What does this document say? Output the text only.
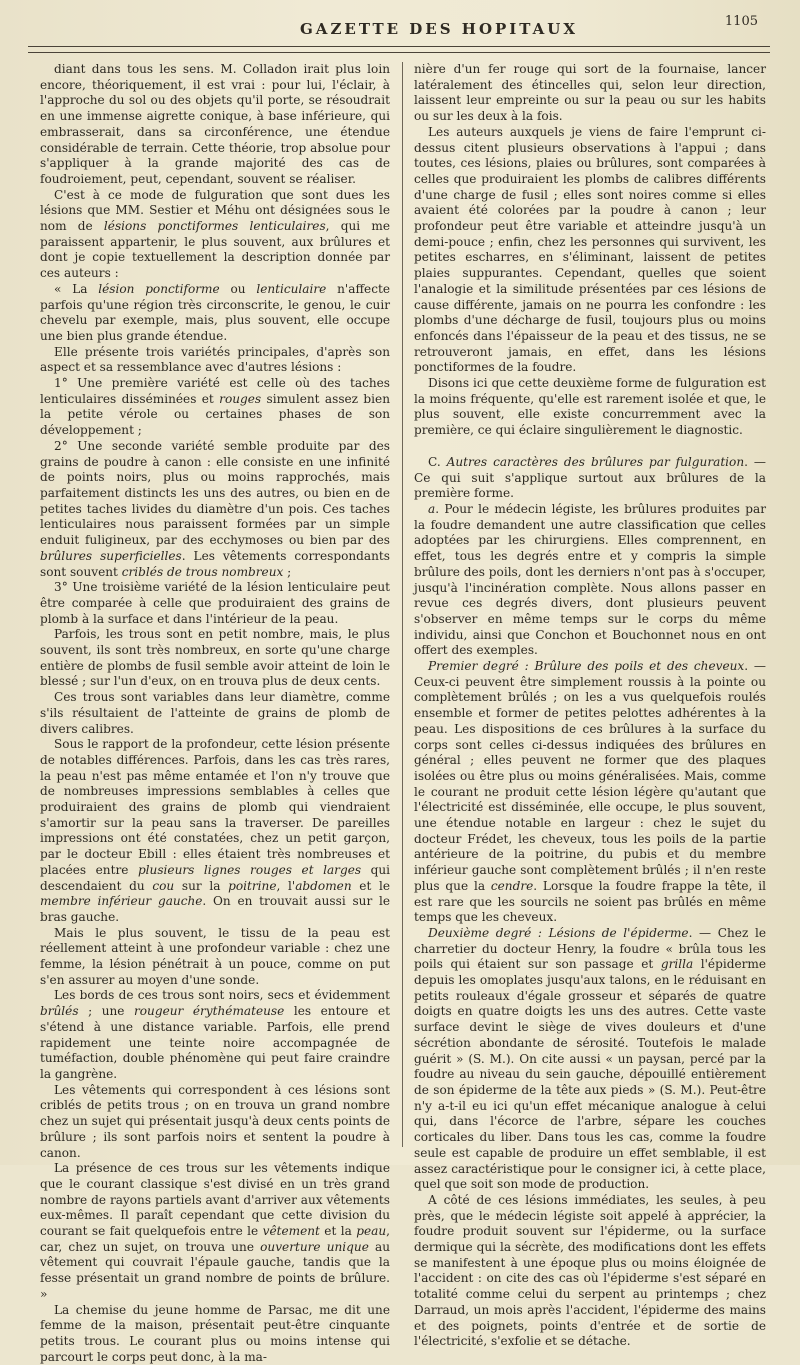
GAZETTE DES HOPITAUX	1105

diant dans tous les sens. M. Colladon irait plus loin encore, théoriquement, il est vrai : pour lui, l'éclair, à l'approche du sol ou des objets qu'il porte, se résoudrait en une immense aigrette conique, à base inférieure, qui embrasserait, dans sa circonférence, une étendue considérable de terrain. Cette théorie, trop absolue pour s'appliquer à la grande majorité des cas de foudroiement, peut, cependant, souvent se réaliser.

C'est à ce mode de fulguration que sont dues les lésions que MM. Sestier et Méhu ont désignées sous le nom de lésions ponctiformes lenticulaires, qui me paraissent appartenir, le plus souvent, aux brûlures et dont je copie textuellement la description donnée par ces auteurs :

« La lésion ponctiforme ou lenticulaire n'affecte parfois qu'une région très circonscrite, le genou, le cuir chevelu par exemple, mais, plus souvent, elle occupe une bien plus grande étendue.

Elle présente trois variétés principales, d'après son aspect et sa ressemblance avec d'autres lésions :

1° Une première variété est celle où des taches lenticulaires disséminées et rouges simulent assez bien la petite vérole ou certaines phases de son développement ;

2° Une seconde variété semble produite par des grains de poudre à canon : elle consiste en une infinité de points noirs, plus ou moins rapprochés, mais parfaitement distincts les uns des autres, ou bien en de petites taches livides du diamètre d'un pois. Ces taches lenticulaires nous paraissent formées par un simple enduit fuligineux, par des ecchymoses ou bien par des brûlures superficielles. Les vêtements correspondants sont souvent criblés de trous nombreux ;

3° Une troisième variété de la lésion lenticulaire peut être comparée à celle que produiraient des grains de plomb à la surface et dans l'intérieur de la peau.

Parfois, les trous sont en petit nombre, mais, le plus souvent, ils sont très nombreux, en sorte qu'une charge entière de plombs de fusil semble avoir atteint de loin le blessé ; sur l'un d'eux, on en trouva plus de deux cents.

Ces trous sont variables dans leur diamètre, comme s'ils résultaient de l'atteinte de grains de plomb de divers calibres.

Sous le rapport de la profondeur, cette lésion présente de notables différences. Parfois, dans les cas très rares, la peau n'est pas même entamée et l'on n'y trouve que de nombreuses impressions semblables à celles que produiraient des grains de plomb qui viendraient s'amortir sur la peau sans la traverser. De pareilles impressions ont été constatées, chez un petit garçon, par le docteur Ebill : elles étaient très nombreuses et placées entre plusieurs lignes rouges et larges qui descendaient du cou sur la poitrine, l'abdomen et le membre inférieur gauche. On en trouvait aussi sur le bras gauche.

Mais le plus souvent, le tissu de la peau est réellement atteint à une profondeur variable : chez une femme, la lésion pénétrait à un pouce, comme on put s'en assurer au moyen d'une sonde.

Les bords de ces trous sont noirs, secs et évidemment brûlés ; une rougeur érythémateuse les entoure et s'étend à une distance variable. Parfois, elle prend rapidement une teinte noire accompagnée de tuméfaction, double phénomène qui peut faire craindre la gangrène.

Les vêtements qui correspondent à ces lésions sont criblés de petits trous ; on en trouva un grand nombre chez un sujet qui présentait jusqu'à deux cents points de brûlure ; ils sont parfois noirs et sentent la poudre à canon.

La présence de ces trous sur les vêtements indique que le courant classique s'est divisé en un très grand nombre de rayons partiels avant d'arriver aux vêtements eux-mêmes. Il paraît cependant que cette division du courant se fait quelquefois entre le vêtement et la peau, car, chez un sujet, on trouva une ouverture unique au vêtement qui couvrait l'épaule gauche, tandis que la fesse présentait un grand nombre de points de brûlure. »

La chemise du jeune homme de Parsac, me dit une femme de la maison, présentait peut-être cinquante petits trous. Le courant plus ou moins intense qui parcourt le corps peut donc, à la ma-

nière d'un fer rouge qui sort de la fournaise, lancer latéralement des étincelles qui, selon leur direction, laissent leur empreinte ou sur la peau ou sur les habits ou sur les deux à la fois.

Les auteurs auxquels je viens de faire l'emprunt ci-dessus citent plusieurs observations à l'appui ; dans toutes, ces lésions, plaies ou brûlures, sont comparées à celles que produiraient les plombs de calibres différents d'une charge de fusil ; elles sont noires comme si elles avaient été colorées par la poudre à canon ; leur profondeur peut être variable et atteindre jusqu'à un demi-pouce ; enfin, chez les personnes qui survivent, les petites escharres, en s'éliminant, laissent de petites plaies suppurantes. Cependant, quelles que soient l'analogie et la similitude présentées par ces lésions de cause différente, jamais on ne pourra les confondre : les plombs d'une décharge de fusil, toujours plus ou moins enfoncés dans l'épaisseur de la peau et des tissus, ne se retrouveront jamais, en effet, dans les lésions ponctiformes de la foudre.

Disons ici que cette deuxième forme de fulguration est la moins fréquente, qu'elle est rarement isolée et que, le plus souvent, elle existe concurremment avec la première, ce qui éclaire singulièrement le diagnostic.

C. Autres caractères des brûlures par fulguration. — Ce qui suit s'applique surtout aux brûlures de la première forme.

a. Pour le médecin légiste, les brûlures produites par la foudre demandent une autre classification que celles adoptées par les chirurgiens. Elles comprennent, en effet, tous les degrés entre et y compris la simple brûlure des poils, dont les derniers n'ont pas à s'occuper, jusqu'à l'incinération complète. Nous allons passer en revue ces degrés divers, dont plusieurs peuvent s'observer en même temps sur le corps du même individu, ainsi que Conchon et Bouchonnet nous en ont offert des exemples.

Premier degré : Brûlure des poils et des cheveux. — Ceux-ci peuvent être simplement roussis à la pointe ou complètement brûlés ; on les a vus quelquefois roulés ensemble et former de petites pelottes adhérentes à la peau. Les dispositions de ces brûlures à la surface du corps sont celles ci-dessus indiquées des brûlures en général ; elles peuvent ne former que des plaques isolées ou être plus ou moins généralisées. Mais, comme le courant ne produit cette lésion légère qu'autant que l'électricité est disséminée, elle occupe, le plus souvent, une étendue notable en largeur : chez le sujet du docteur Frédet, les cheveux, tous les poils de la partie antérieure de la poitrine, du pubis et du membre inférieur gauche sont complètement brûlés ; il n'en reste plus que la cendre. Lorsque la foudre frappe la tête, il est rare que les sourcils ne soient pas brûlés en même temps que les cheveux.

Deuxième degré : Lésions de l'épiderme. — Chez le charretier du docteur Henry, la foudre « brûla tous les poils qui étaient sur son passage et grilla l'épiderme depuis les omoplates jusqu'aux talons, en le réduisant en petits rouleaux d'égale grosseur et séparés de quatre doigts en quatre doigts les uns des autres. Cette vaste surface devint le siège de vives douleurs et d'une sécrétion abondante de sérosité. Toutefois le malade guérit » (S. M.). On cite aussi « un paysan, percé par la foudre au niveau du sein gauche, dépouillé entièrement de son épiderme de la tête aux pieds » (S. M.). Peut-être n'y a-t-il eu ici qu'un effet mécanique analogue à celui qui, dans l'écorce de l'arbre, sépare les couches corticales du liber. Dans tous les cas, comme la foudre seule est capable de produire un effet semblable, il est assez caractéristique pour le consigner ici, à cette place, quel que soit son mode de production.

A côté de ces lésions immédiates, les seules, à peu près, que le médecin légiste soit appelé à apprécier, la foudre produit souvent sur l'épiderme, ou la surface dermique qui la sécrète, des modifications dont les effets se manifestent à une époque plus ou moins éloignée de l'accident : on cite des cas où l'épiderme s'est séparé en totalité comme celui du serpent au printemps ; chez Darraud, un mois après l'accident, l'épiderme des mains et des poignets, points d'entrée et de sortie de l'électricité, s'exfolie et se détache.
